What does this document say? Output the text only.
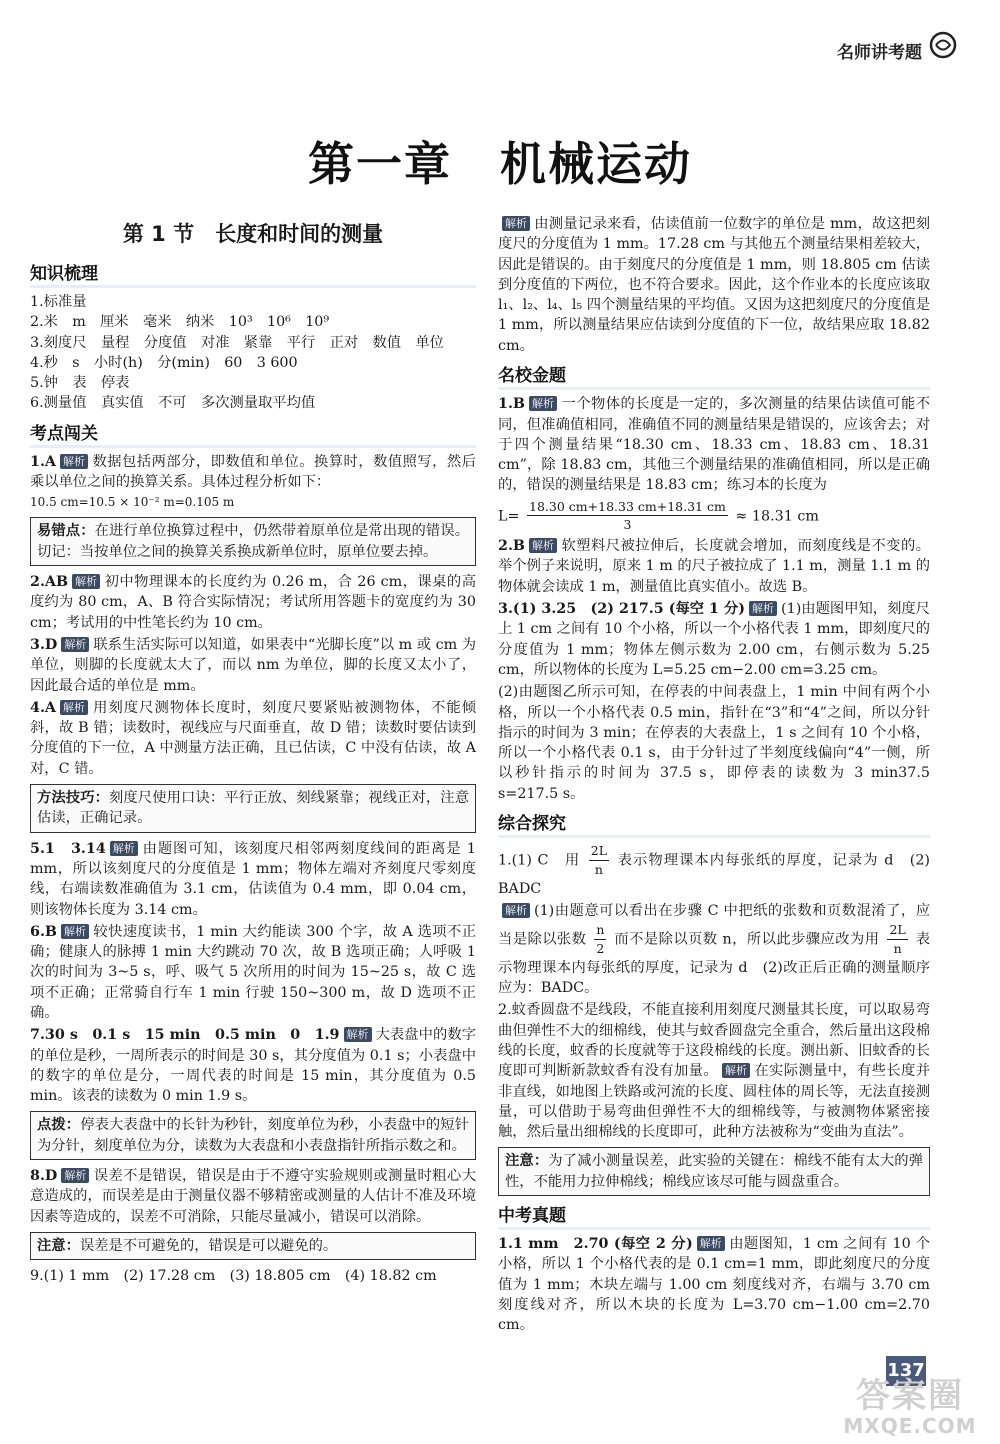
名师讲考题
第一章　机械运动
第 1 节　长度和时间的测量
知识梳理

1.标准量

2.米　m　厘米　毫米　纳米　10³　10⁶　10⁹

3.刻度尺　量程　分度值　对准　紧靠　平行　正对　数值　单位

4.秒　s　小时(h)　分(min)　60　3 600

5.钟　表　停表

6.测量值　真实值　不可　多次测量取平均值

考点闯关

1.A 解析 数据包括两部分，即数值和单位。换算时，数值照写，然后乘以单位之间的换算关系。具体过程分析如下：

10.5 cm=10.5 × 10⁻² m=0.105 m
易错点：在进行单位换算过程中，仍然带着原单位是常出现的错误。切记：当按单位之间的换算关系换成新单位时，原单位要去掉。

2.AB 解析 初中物理课本的长度约为 0.26 m，合 26 cm，课桌的高度约为 80 cm，A、B 符合实际情况；考试所用答题卡的宽度约为 30 cm；考试用的中性笔长约为 10 cm。

3.D 解析 联系生活实际可以知道，如果表中“光脚长度”以 m 或 cm 为单位，则脚的长度就太大了，而以 nm 为单位，脚的长度又太小了，因此最合适的单位是 mm。

4.A 解析 用刻度尺测物体长度时，刻度尺要紧贴被测物体，不能倾斜，故 B 错；读数时，视线应与尺面垂直，故 D 错；读数时要估读到分度值的下一位，A 中测量方法正确，且已估读，C 中没有估读，故 A 对，C 错。

方法技巧：刻度尺使用口诀：平行正放、刻线紧靠；视线正对，注意估读，正确记录。

5.1　3.14 解析 由题图可知，该刻度尺相邻两刻度线间的距离是 1 mm，所以该刻度尺的分度值是 1 mm；物体左端对齐刻度尺零刻度线，右端读数准确值为 3.1 cm，估读值为 0.4 mm，即 0.04 cm，则该物体长度为 3.14 cm。

6.B 解析 较快速度读书，1 min 大约能读 300 个字，故 A 选项不正确；健康人的脉搏 1 min 大约跳动 70 次，故 B 选项正确；人呼吸 1 次的时间为 3~5 s，呼、吸气 5 次所用的时间为 15~25 s，故 C 选项不正确；正常骑自行车 1 min 行驶 150~300 m，故 D 选项不正确。

7.30 s　0.1 s　15 min　0.5 min　0　1.9 解析 大表盘中的数字的单位是秒，一周所表示的时间是 30 s，其分度值为 0.1 s；小表盘中的数字的单位是分，一周代表的时间是 15 min，其分度值为 0.5 min。该表的读数为 0 min 1.9 s。

点拨：停表大表盘中的长针为秒针，刻度单位为秒，小表盘中的短针为分针，刻度单位为分，读数为大表盘和小表盘指针所指示数之和。

8.D 解析 误差不是错误，错误是由于不遵守实验规则或测量时粗心大意造成的，而误差是由于测量仪器不够精密或测量的人估计不准及环境因素等造成的，误差不可消除，只能尽量减小，错误可以消除。

注意：误差是不可避免的，错误是可以避免的。

9.(1) 1 mm　(2) 17.28 cm　(3) 18.805 cm　(4) 18.82 cm

解析 由测量记录来看，估读值前一位数字的单位是 mm，故这把刻度尺的分度值为 1 mm。17.28 cm 与其他五个测量结果相差较大，因此是错误的。由于刻度尺的分度值是 1 mm，则 18.805 cm 估读到分度值的下两位，也不符合要求。因此，这个作业本的长度应该取 l₁、l₂、l₄、l₅ 四个测量结果的平均值。又因为这把刻度尺的分度值是 1 mm，所以测量结果应估读到分度值的下一位，故结果应取 18.82 cm。

名校金题

1.B 解析 一个物体的长度是一定的，多次测量的结果估读值可能不同，但准确值相同，准确值不同的测量结果是错误的，应该舍去；对于四个测量结果“18.30 cm、18.33 cm、18.83 cm、18.31 cm”，除 18.83 cm，其他三个测量结果的准确值相同，所以是正确的，错误的测量结果是 18.83 cm；练习本的长度为

$L= \frac{18.30 cm+18.33 cm+18.31 cm}{3} \approx 18.31$ cm

2.B 解析 软塑料尺被拉伸后，长度就会增加，而刻度线是不变的。举个例子来说明，原来 1 m 的尺子被拉成了 1.1 m，测量 1.1 m 的物体就会读成 1 m，测量值比真实值小。故选 B。

3.(1) 3.25　(2) 217.5 (每空 1 分) 解析 (1)由题图甲知，刻度尺上 1 cm 之间有 10 个小格，所以一个小格代表 1 mm，即刻度尺的分度值为 1 mm；物体左侧示数为 2.00 cm，右侧示数为 5.25 cm，所以物体的长度为 L=5.25 cm−2.00 cm=3.25 cm。

(2)由题图乙所示可知，在停表的中间表盘上，1 min 中间有两个小格，所以一个小格代表 0.5 min，指针在“3”和“4”之间，所以分针指示的时间为 3 min；在停表的大表盘上，1 s 之间有 10 个小格，所以一个小格代表 0.1 s，由于分针过了半刻度线偏向“4”一侧，所以秒针指示的时间为 37.5 s，即停表的读数为 3 min37.5 s=217.5 s。

综合探究

1.(1) C　用 $\frac{2L}{n}$ 表示物理课本内每张纸的厚度，记录为 d　(2) BADC

解析 (1)由题意可以看出在步骤 C 中把纸的张数和页数混淆了，应当是除以张数 $\frac{n}{2}$ 而不是除以页数 n，所以此步骤应改为用 $\frac{2L}{n}$ 表示物理课本内每张纸的厚度，记录为 d　(2)改正后正确的测量顺序应为：BADC。

2.蚊香圆盘不是线段，不能直接利用刻度尺测量其长度，可以取易弯曲但弹性不大的细棉线，使其与蚊香圆盘完全重合，然后量出这段棉线的长度，蚊香的长度就等于这段棉线的长度。测出新、旧蚊香的长度即可判断新款蚊香有没有加量。 解析 在实际测量中，有些长度并非直线，如地图上铁路或河流的长度、圆柱体的周长等，无法直接测量，可以借助于易弯曲但弹性不大的细棉线等，与被测物体紧密接触，然后量出细棉线的长度即可，此种方法被称为“变曲为直法”。

注意：为了减小测量误差，此实验的关键在：棉线不能有太大的弹性，不能用力拉伸棉线；棉线应该尽可能与圆盘重合。
中考真题

1.1 mm　2.70 (每空 2 分) 解析 由题图知，1 cm 之间有 10 个小格，所以 1 个小格代表的是 0.1 cm=1 mm，即此刻度尺的分度值为 1 mm；木块左端与 1.00 cm 刻度线对齐，右端与 3.70 cm 刻度线对齐，所以木块的长度为 L=3.70 cm−1.00 cm=2.70 cm。

137
答案圈
MXQE.COM
